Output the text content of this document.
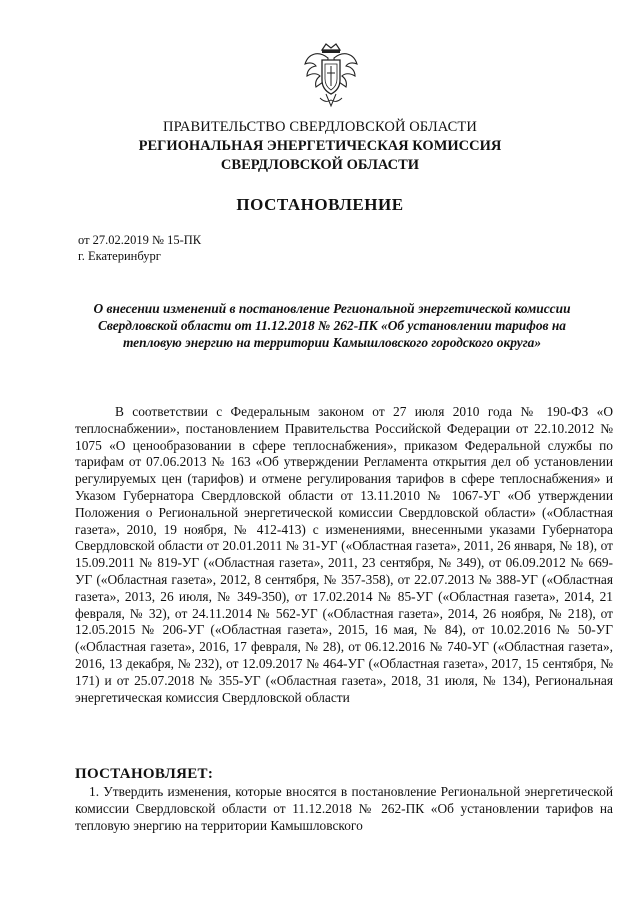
ПРАВИТЕЛЬСТВО СВЕРДЛОВСКОЙ ОБЛАСТИ
РЕГИОНАЛЬНАЯ ЭНЕРГЕТИЧЕСКАЯ КОМИССИЯ
СВЕРДЛОВСКОЙ ОБЛАСТИ
ПОСТАНОВЛЕНИЕ
от 27.02.2019 № 15-ПК
г. Екатеринбург
О внесении изменений в постановление Региональной энергетической комиссии Свердловской области от 11.12.2018 № 262-ПК «Об установлении тарифов на тепловую энергию на территории Камышловского городского округа»

В соответствии с Федеральным законом от 27 июля 2010 года № 190-ФЗ «О теплоснабжении», постановлением Правительства Российской Федерации от 22.10.2012 № 1075 «О ценообразовании в сфере теплоснабжения», приказом Федеральной службы по тарифам от 07.06.2013 № 163 «Об утверждении Регламента открытия дел об установлении регулируемых цен (тарифов) и отмене регулирования тарифов в сфере теплоснабжения» и Указом Губернатора Свердловской области от 13.11.2010 № 1067-УГ «Об утверждении Положения о Региональной энергетической комиссии Свердловской области» («Областная газета», 2010, 19 ноября, № 412-413) с изменениями, внесенными указами Губернатора Свердловской области от 20.01.2011 № 31-УГ («Областная газета», 2011, 26 января, № 18), от 15.09.2011 № 819-УГ («Областная газета», 2011, 23 сентября, № 349), от 06.09.2012 № 669-УГ («Областная газета», 2012, 8 сентября, № 357-358), от 22.07.2013 № 388-УГ («Областная газета», 2013, 26 июля, № 349-350), от 17.02.2014 № 85-УГ («Областная газета», 2014, 21 февраля, № 32), от 24.11.2014 № 562-УГ («Областная газета», 2014, 26 ноября, № 218), от 12.05.2015 № 206-УГ («Областная газета», 2015, 16 мая, № 84), от 10.02.2016 № 50-УГ («Областная газета», 2016, 17 февраля, № 28), от 06.12.2016 № 740-УГ («Областная газета», 2016, 13 декабря, № 232), от 12.09.2017 № 464-УГ («Областная газета», 2017, 15 сентября, № 171) и от 25.07.2018 № 355-УГ («Областная газета», 2018, 31 июля, № 134), Региональная энергетическая комиссия Свердловской области

ПОСТАНОВЛЯЕТ:

1. Утвердить изменения, которые вносятся в постановление Региональной энергетической комиссии Свердловской области от 11.12.2018 № 262-ПК «Об установлении тарифов на тепловую энергию на территории Камышловского
